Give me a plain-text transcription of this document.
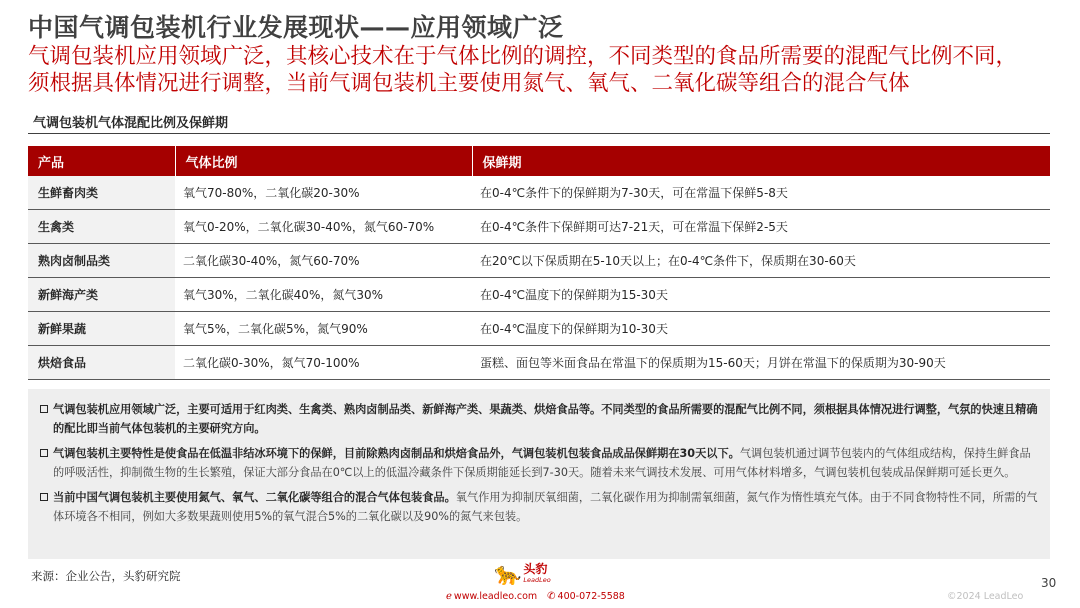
中国气调包装机行业发展现状——应用领域广泛
气调包装机应用领域广泛，其核心技术在于气体比例的调控，不同类型的食品所需要的混配气比例不同，
须根据具体情况进行调整，当前气调包装机主要使用氮气、氧气、二氧化碳等组合的混合气体
气调包装机气体混配比例及保鲜期
产品	气体比例	保鲜期
生鲜畜肉类	氧气70-80%，二氧化碳20-30%	在0-4℃条件下的保鲜期为7-30天，可在常温下保鲜5-8天
生禽类	氧气0-20%，二氧化碳30-40%，氮气60-70%	在0-4℃条件下保鲜期可达7-21天，可在常温下保鲜2-5天
熟肉卤制品类	二氧化碳30-40%，氮气60-70%	在20℃以下保质期在5-10天以上；在0-4℃条件下，保质期在30-60天
新鲜海产类	氧气30%，二氧化碳40%，氮气30%	在0-4℃温度下的保鲜期为15-30天
新鲜果蔬	氧气5%，二氧化碳5%，氮气90%	在0-4℃温度下的保鲜期为10-30天
烘焙食品	二氧化碳0-30%，氮气70-100%	蛋糕、面包等米面食品在常温下的保质期为15-60天；月饼在常温下的保质期为30-90天
气调包装机应用领域广泛，主要可适用于红肉类、生禽类、熟肉卤制品类、新鲜海产类、果蔬类、烘焙食品等。不同类型的食品所需要的混配气比例不同，须根据具体情况进行调整，气氛的快速且精确的配比即当前气体包装机的主要研究方向。
气调包装机主要特性是使食品在低温非结冰环境下的保鲜，目前除熟肉卤制品和烘焙食品外，气调包装机包装食品成品保鲜期在30天以下。气调包装机通过调节包装内的气体组成结构，保持生鲜食品的呼吸活性，抑制微生物的生长繁殖，保证大部分食品在0℃以上的低温冷藏条件下保质期能延长到7-30天。随着未来气调技术发展、可用气体材料增多，气调包装机包装成品保鲜期可延长更久。
当前中国气调包装机主要使用氮气、氧气、二氧化碳等组合的混合气体包装食品。氧气作用为抑制厌氧细菌，二氧化碳作用为抑制需氧细菌，氮气作为惰性填充气体。由于不同食物特性不同，所需的气体环境各不相同，例如大多数果蔬则使用5%的氧气混合5%的二氧化碳以及90%的氮气来包装。
来源：企业公告，头豹研究院	🐆 头豹
LeadLeo
ℯ www.leadleo.com ✆ 400-072-5588
30
©2024 LeadLeo
